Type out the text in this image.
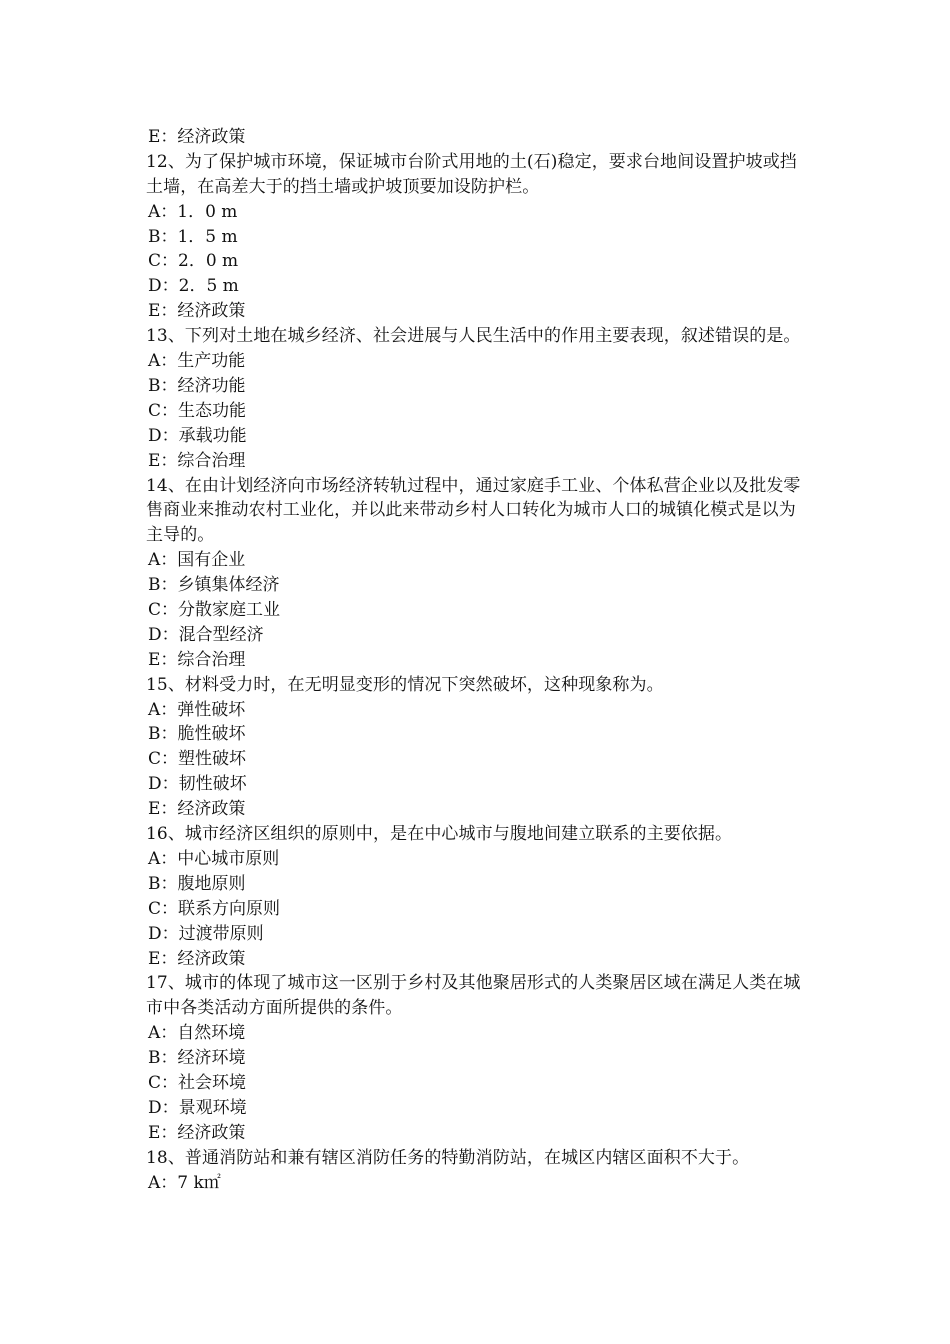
E：经济政策
12、为了保护城市环境，保证城市台阶式用地的土(石)稳定，要求台地间设置护坡或挡土墙，在高差大于的挡土墙或护坡顶要加设防护栏。
A：1．0 m
B：1．5 m
C：2．0 m
D：2．5 m
E：经济政策
13、下列对土地在城乡经济、社会进展与人民生活中的作用主要表现，叙述错误的是。
A：生产功能
B：经济功能
C：生态功能
D：承载功能
E：综合治理
14、在由计划经济向市场经济转轨过程中，通过家庭手工业、个体私营企业以及批发零售商业来推动农村工业化，并以此来带动乡村人口转化为城市人口的城镇化模式是以为主导的。
A：国有企业
B：乡镇集体经济
C：分散家庭工业
D：混合型经济
E：综合治理
15、材料受力时，在无明显变形的情况下突然破坏，这种现象称为。
A：弹性破坏
B：脆性破坏
C：塑性破坏
D：韧性破坏
E：经济政策
16、城市经济区组织的原则中，是在中心城市与腹地间建立联系的主要依据。
A：中心城市原则
B：腹地原则
C：联系方向原则
D：过渡带原则
E：经济政策
17、城市的体现了城市这一区别于乡村及其他聚居形式的人类聚居区域在满足人类在城市中各类活动方面所提供的条件。
A：自然环境
B：经济环境
C：社会环境
D：景观环境
E：经济政策
18、普通消防站和兼有辖区消防任务的特勤消防站，在城区内辖区面积不大于。
A：7 k㎡
